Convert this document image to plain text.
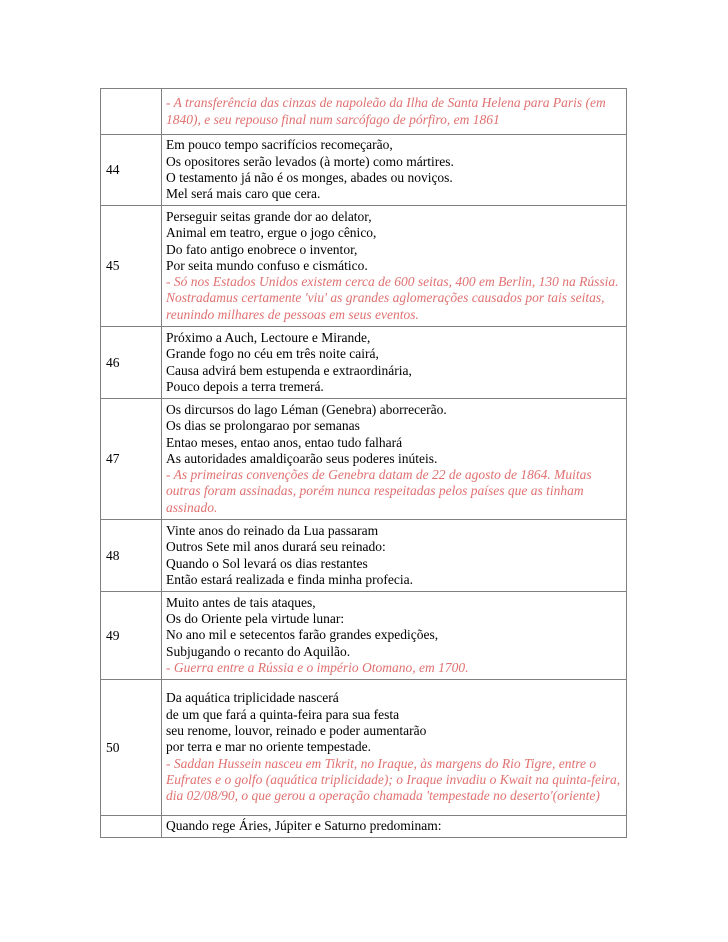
	- A transferência das cinzas de napoleão da Ilha de Santa Helena para Paris (em 1840), e seu repouso final num sarcófago de pórfiro, em 1861

44	Em pouco tempo sacrifícios recomeçarão,
Os opositores serão levados (à morte) como mártires.
O testamento já não é os monges, abades ou noviços.
Mel será mais caro que cera.

45	Perseguir seitas grande dor ao delator,
Animal em teatro, ergue o jogo cênico,
Do fato antigo enobrece o inventor,
Por seita mundo confuso e cismático.
- Só nos Estados Unidos existem cerca de 600 seitas, 400 em Berlin, 130 na Rússia. Nostradamus certamente 'viu' as grandes aglomerações causados por tais seitas, reunindo milhares de pessoas em seus eventos.

46	Próximo a Auch, Lectoure e Mirande,
Grande fogo no céu em três noite cairá,
Causa advirá bem estupenda e extraordinária,
Pouco depois a terra tremerá.

47	Os dircursos do lago Léman (Genebra) aborrecerão.
Os dias se prolongarao por semanas
Entao meses, entao anos, entao tudo falhará
As autoridades amaldiçoarão seus poderes inúteis.
- As primeiras convenções de Genebra datam de 22 de agosto de 1864. Muitas outras foram assinadas, porém nunca respeitadas pelos países que as tinham assinado.

48	Vinte anos do reinado da Lua passaram
Outros Sete mil anos durará seu reinado:
Quando o Sol levará os dias restantes
Então estará realizada e finda minha profecia.

49	Muito antes de tais ataques,
Os do Oriente pela virtude lunar:
No ano mil e setecentos farão grandes expedições,
Subjugando o recanto do Aquilão.
- Guerra entre a Rússia e o império Otomano, em 1700.

50	Da aquática triplicidade nascerá
de um que fará a quinta-feira para sua festa
seu renome, louvor, reinado e poder aumentarão
por terra e mar no oriente tempestade.
- Saddan Hussein nasceu em Tikrit, no Iraque, às margens do Rio Tigre, entre o Eufrates e o golfo (aquática triplicidade); o Iraque invadiu o Kwait na quinta-feira, dia 02/08/90, o que gerou a operação chamada 'tempestade no deserto'(oriente)

	Quando rege Áries, Júpiter e Saturno predominam:
